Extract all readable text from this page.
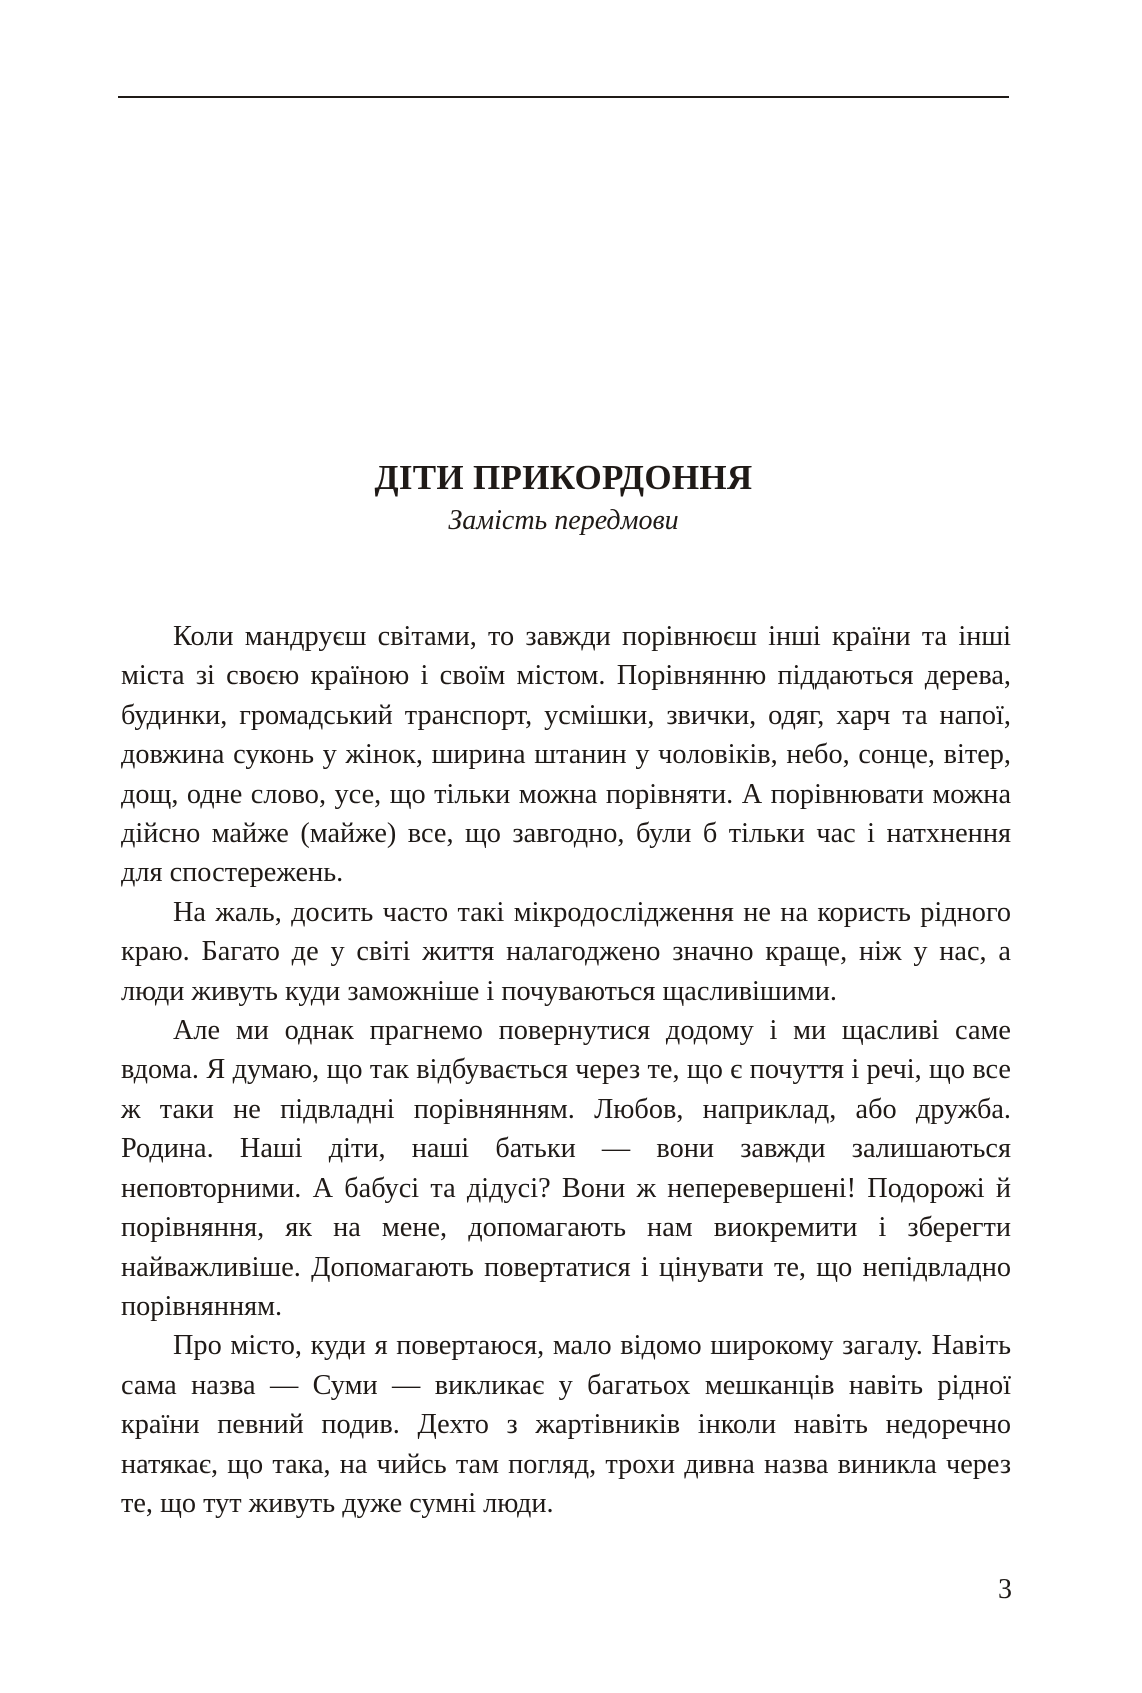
ДІТИ ПРИКОРДОННЯ
Замість передмови

Коли мандруєш світами, то завжди порівнюєш інші країни та інші міста зі своєю країною і своїм містом. Порівнянню піддаються дерева, будинки, громадський транспорт, усмішки, звички, одяг, харч та напої, довжина суконь у жінок, ширина штанин у чоловіків, небо, сонце, вітер, дощ, одне слово, усе, що тільки можна порівняти. А порівнювати можна дійсно майже (майже) все, що завгодно, були б тільки час і натхнення для спостережень.

На жаль, досить часто такі мікродослідження не на користь рідного краю. Багато де у світі життя налагоджено значно краще, ніж у нас, а люди живуть куди заможніше і почуваються щасливішими.

Але ми однак прагнемо повернутися додому і ми щасливі саме вдома. Я думаю, що так відбувається через те, що є почуття і речі, що все ж таки не підвладні порівнянням. Любов, наприклад, або дружба. Родина. Наші діти, наші батьки — вони завжди залишаються неповторними. А бабусі та дідусі? Вони ж неперевершені! Подорожі й порівняння, як на мене, допомагають нам виокремити і зберегти найважливіше. Допомагають повертатися і цінувати те, що непідвладно порівнянням.

Про місто, куди я повертаюся, мало відомо широкому загалу. Навіть сама назва — Суми — викликає у багатьох мешканців навіть рідної країни певний подив. Дехто з жартівників інколи навіть недоречно натякає, що така, на чийсь там погляд, трохи дивна назва виникла через те, що тут живуть дуже сумні люди.

3
